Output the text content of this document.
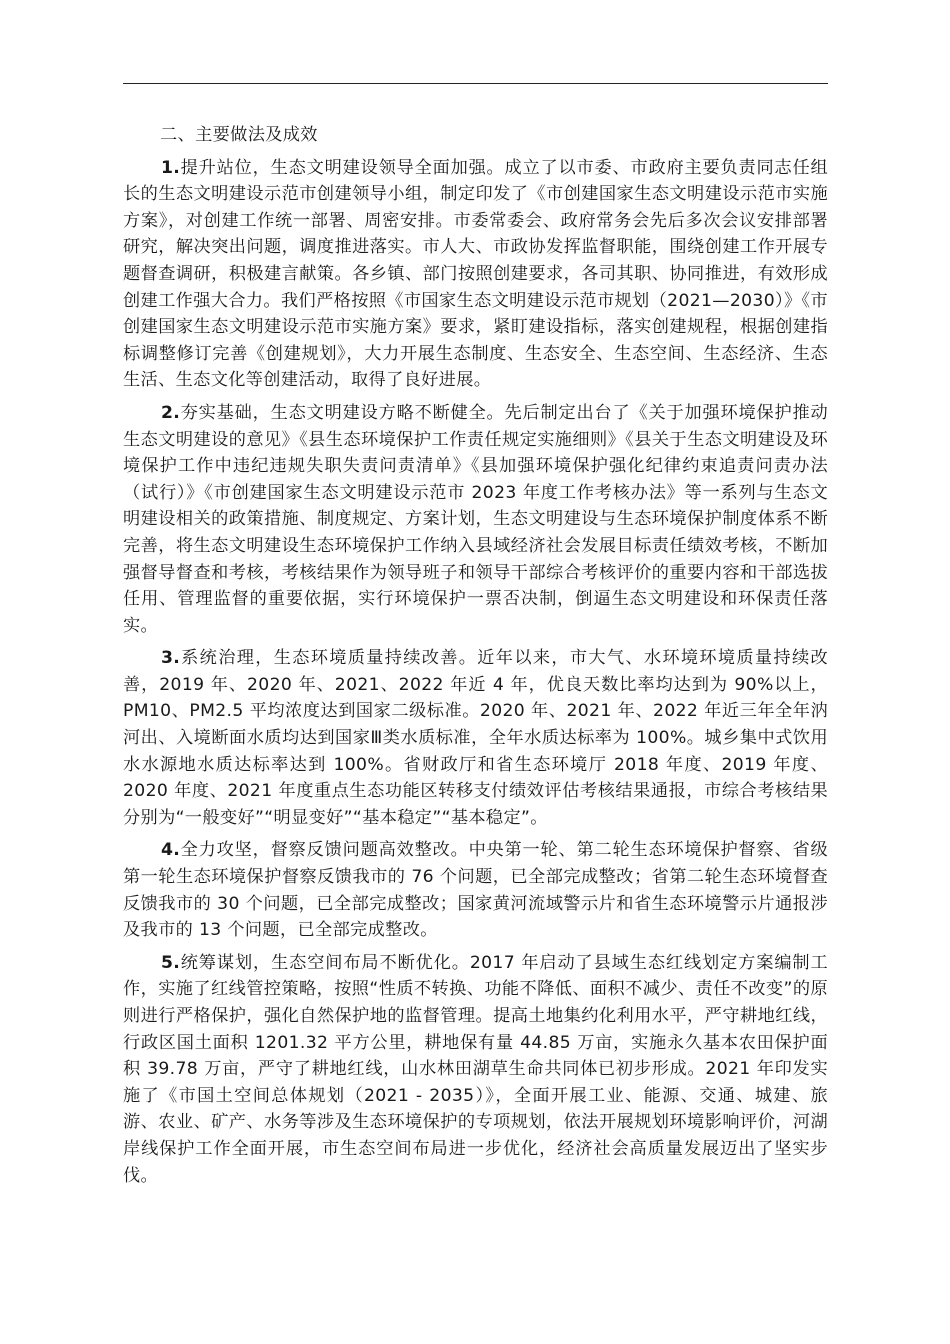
二、主要做法及成效

1.提升站位，生态文明建设领导全面加强。成立了以市委、市政府主要负责同志任组长的生态文明建设示范市创建领导小组，制定印发了《市创建国家生态文明建设示范市实施方案》，对创建工作统一部署、周密安排。市委常委会、政府常务会先后多次会议安排部署研究，解决突出问题，调度推进落实。市人大、市政协发挥监督职能，围绕创建工作开展专题督查调研，积极建言献策。各乡镇、部门按照创建要求，各司其职、协同推进，有效形成创建工作强大合力。我们严格按照《市国家生态文明建设示范市规划（2021—2030）》《市创建国家生态文明建设示范市实施方案》要求，紧盯建设指标，落实创建规程，根据创建指标调整修订完善《创建规划》，大力开展生态制度、生态安全、生态空间、生态经济、生态生活、生态文化等创建活动，取得了良好进展。

2.夯实基础，生态文明建设方略不断健全。先后制定出台了《关于加强环境保护推动生态文明建设的意见》《县生态环境保护工作责任规定实施细则》《县关于生态文明建设及环境保护工作中违纪违规失职失责问责清单》《县加强环境保护强化纪律约束追责问责办法（试行）》《市创建国家生态文明建设示范市 2023 年度工作考核办法》等一系列与生态文明建设相关的政策措施、制度规定、方案计划，生态文明建设与生态环境保护制度体系不断完善，将生态文明建设生态环境保护工作纳入县域经济社会发展目标责任绩效考核，不断加强督导督查和考核，考核结果作为领导班子和领导干部综合考核评价的重要内容和干部选拔任用、管理监督的重要依据，实行环境保护一票否决制，倒逼生态文明建设和环保责任落实。

3.系统治理，生态环境质量持续改善。近年以来，市大气、水环境环境质量持续改善，2019 年、2020 年、2021、2022 年近 4 年，优良天数比率均达到为 90%以上，PM10、PM2.5 平均浓度达到国家二级标准。2020 年、2021 年、2022 年近三年全年汭河出、入境断面水质均达到国家Ⅲ类水质标准，全年水质达标率为 100%。城乡集中式饮用水水源地水质达标率达到 100%。省财政厅和省生态环境厅 2018 年度、2019 年度、2020 年度、2021 年度重点生态功能区转移支付绩效评估考核结果通报，市综合考核结果分别为“一般变好”“明显变好”“基本稳定”“基本稳定”。

4.全力攻坚，督察反馈问题高效整改。中央第一轮、第二轮生态环境保护督察、省级第一轮生态环境保护督察反馈我市的 76 个问题，已全部完成整改；省第二轮生态环境督查反馈我市的 30 个问题，已全部完成整改；国家黄河流域警示片和省生态环境警示片通报涉及我市的 13 个问题，已全部完成整改。

5.统筹谋划，生态空间布局不断优化。2017 年启动了县域生态红线划定方案编制工作，实施了红线管控策略，按照“性质不转换、功能不降低、面积不减少、责任不改变”的原则进行严格保护，强化自然保护地的监督管理。提高土地集约化利用水平，严守耕地红线，行政区国土面积 1201.32 平方公里，耕地保有量 44.85 万亩，实施永久基本农田保护面积 39.78 万亩，严守了耕地红线，山水林田湖草生命共同体已初步形成。2021 年印发实施了《市国土空间总体规划（2021 - 2035）》，全面开展工业、能源、交通、城建、旅游、农业、矿产、水务等涉及生态环境保护的专项规划，依法开展规划环境影响评价，河湖岸线保护工作全面开展，市生态空间布局进一步优化，经济社会高质量发展迈出了坚实步伐。
